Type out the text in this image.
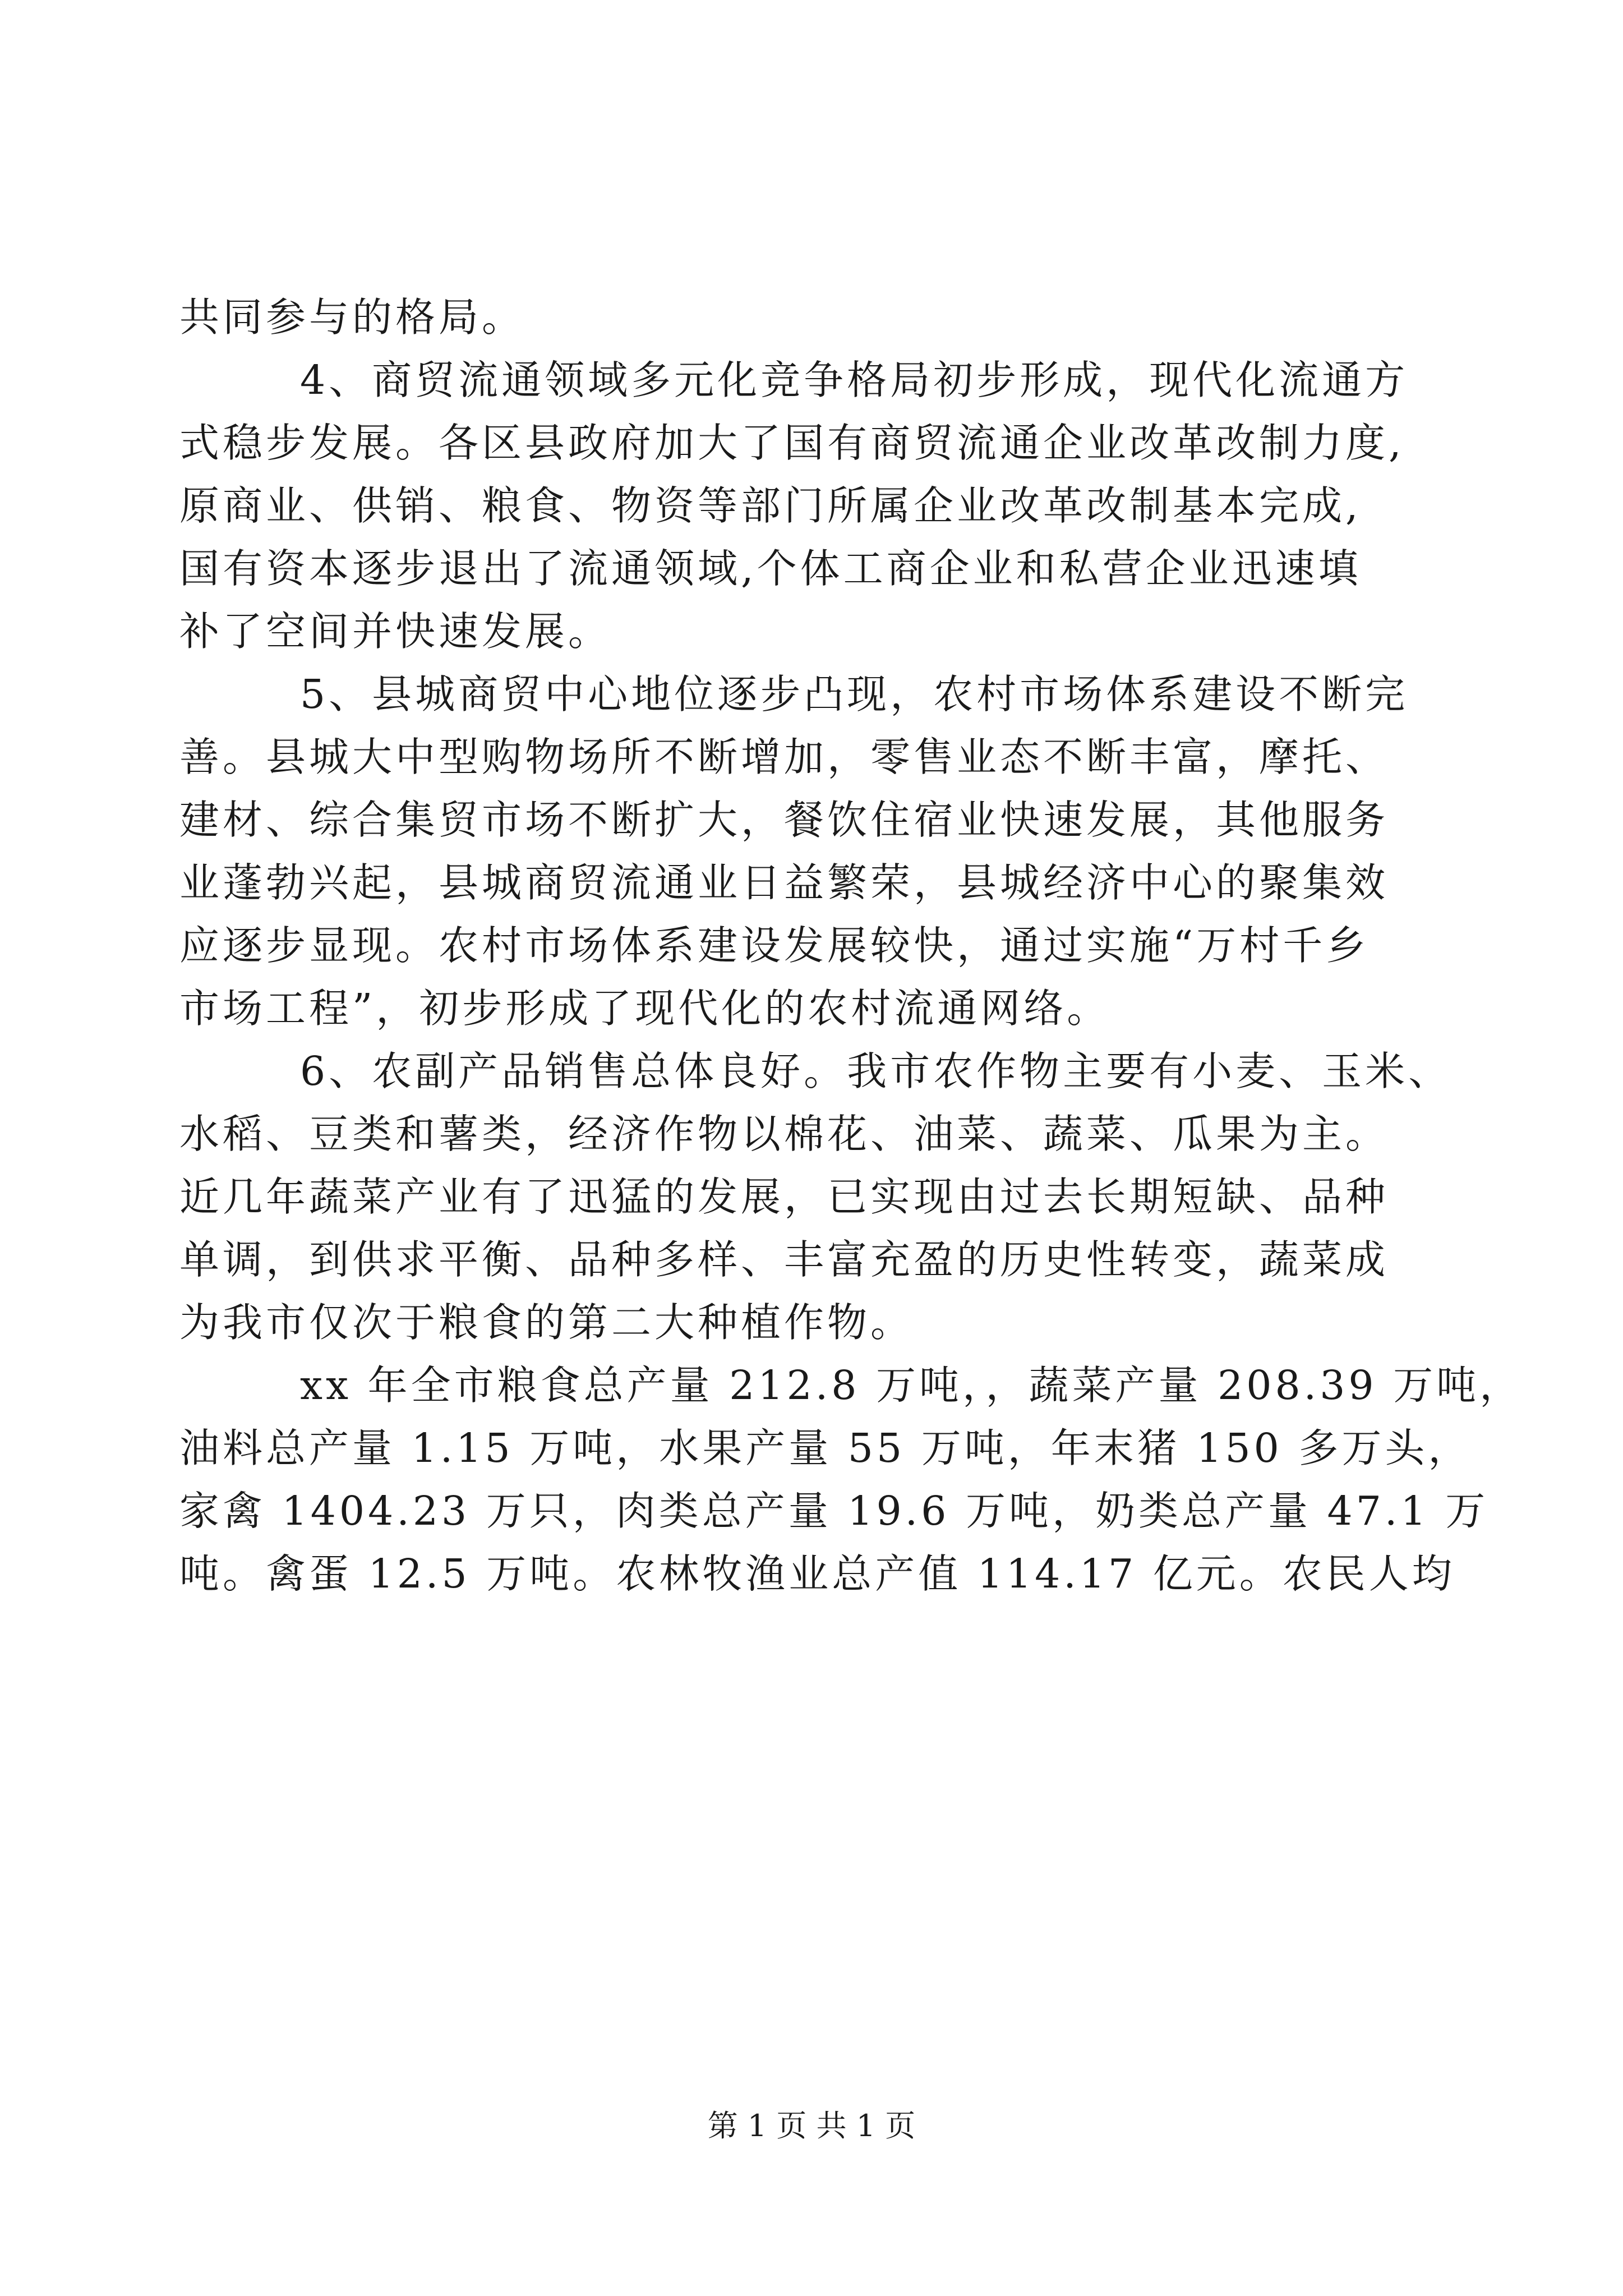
共同参与的格局。
4、商贸流通领域多元化竞争格局初步形成，现代化流通方
式稳步发展。各区县政府加大了国有商贸流通企业改革改制力度,
原商业、供销、粮食、物资等部门所属企业改革改制基本完成,
国有资本逐步退出了流通领域,个体工商企业和私营企业迅速填
补了空间并快速发展。
5、县城商贸中心地位逐步凸现，农村市场体系建设不断完
善。县城大中型购物场所不断增加，零售业态不断丰富，摩托、
建材、综合集贸市场不断扩大，餐饮住宿业快速发展，其他服务
业蓬勃兴起，县城商贸流通业日益繁荣，县城经济中心的聚集效
应逐步显现。农村市场体系建设发展较快，通过实施“万村千乡
市场工程”，初步形成了现代化的农村流通网络。
6、农副产品销售总体良好。我市农作物主要有小麦、玉米、
水稻、豆类和薯类，经济作物以棉花、油菜、蔬菜、瓜果为主。
近几年蔬菜产业有了迅猛的发展，已实现由过去长期短缺、品种
单调，到供求平衡、品种多样、丰富充盈的历史性转变，蔬菜成
为我市仅次于粮食的第二大种植作物。
xx 年全市粮食总产量 212.8 万吨，，蔬菜产量 208.39 万吨，
油料总产量 1.15 万吨，水果产量 55 万吨，年末猪 150 多万头，
家禽 1404.23 万只，肉类总产量 19.6 万吨，奶类总产量 47.1 万
吨。禽蛋 12.5 万吨。农林牧渔业总产值 114.17 亿元。农民人均
第 1 页 共 1 页
